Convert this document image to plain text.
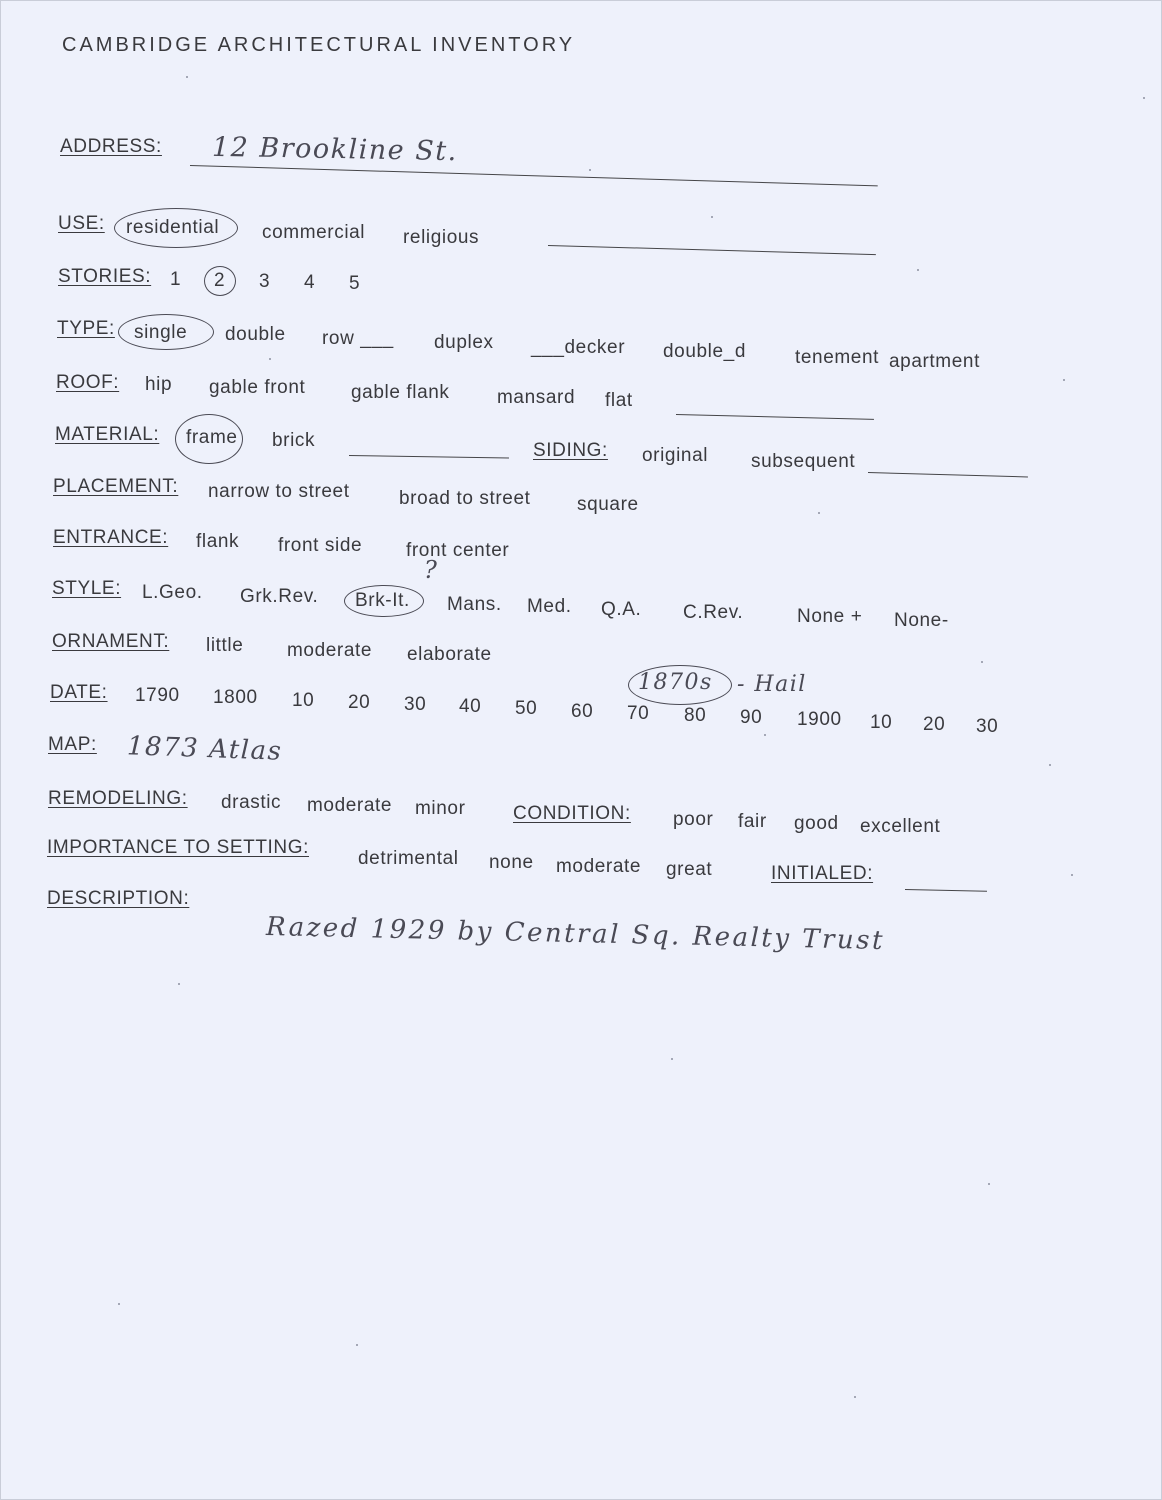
CAMBRIDGE ARCHITECTURAL INVENTORY
ADDRESS: 12 Brookline St.
USE: residential commercial religious
STORIES: 1 2 3 4 5
TYPE: single double row ___ duplex ___decker double_d	tenement apartment
ROOF: hip gable front gable flank mansard flat
MATERIAL: frame brick	SIDING: original subsequent
PLACEMENT: narrow to street	broad to street square
ENTRANCE: flank front side front center
STYLE: L.Geo. Grk.Rev. Brk-It.
?
Mans. Med. Q.A. C.Rev.	None + None-
ORNAMENT: little moderate elaborate
DATE: 1790 1800 10 20 30 40 50 60 70 80 90 1900 10 20 30
1870s - Hail
MAP: 1873 Atlas
REMODELING: drastic moderate minor CONDITION: poor fair good excellent
IMPORTANCE TO SETTING:
detrimental none moderate great	INITIALED:
DESCRIPTION:
Razed 1929 by Central Sq. Realty Trust
